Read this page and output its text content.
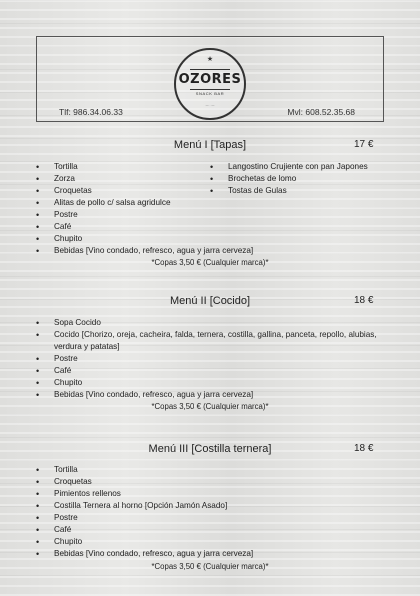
★
OZORES
SNACK BAR
— · —
Tlf: 986.34.06.33	Mvl: 608.52.35.68
Menú I [Tapas]	17 €
• Tortilla
• Zorza
• Croquetas
• Alitas de pollo c/ salsa agridulce
• Postre
• Café
• Chupito
• Bebidas [Vino condado, refresco, agua y jarra cerveza]
• Langostino Crujiente con pan Japones
• Brochetas de lomo
• Tostas de Gulas
*Copas 3,50 € (Cualquier marca)*
Menú II [Cocido]	18 €
• Sopa Cocido
• Cocido [Chorizo, oreja, cacheira, falda, ternera, costilla, gallina, panceta, repollo, alubias, verdura y patatas]
• Postre
• Café
• Chupito
• Bebidas [Vino condado, refresco, agua y jarra cerveza]
*Copas 3,50 € (Cualquier marca)*
Menú III [Costilla ternera]	18 €
• Tortilla
• Croquetas
• Pimientos rellenos
• Costilla Ternera al horno [Opción Jamón Asado]
• Postre
• Café
• Chupito
• Bebidas [Vino condado, refresco, agua y jarra cerveza]
*Copas 3,50 € (Cualquier marca)*
